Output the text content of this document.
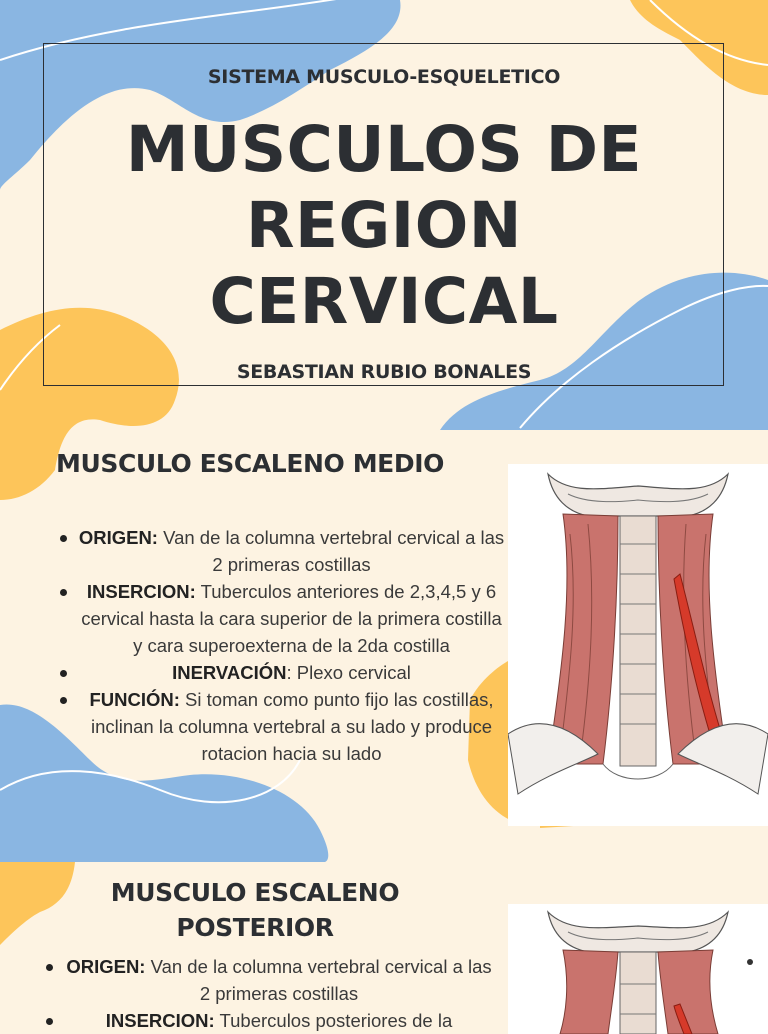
SISTEMA MUSCULO-ESQUELETICO
MUSCULOS DE
REGION
CERVICAL
SEBASTIAN RUBIO BONALES
MUSCULO ESCALENO MEDIO
ORIGEN: Van de la columna vertebral cervical a las 2 primeras costillas
INSERCION: Tuberculos anteriores de 2,3,4,5 y 6 cervical hasta la cara superior de la primera costilla y cara superoexterna de la 2da costilla
INERVACIÓN: Plexo cervical
FUNCIÓN: Si toman como punto fijo las costillas, inclinan la columna vertebral a su lado y produce rotacion hacia su lado
MUSCULO ESCALENO POSTERIOR
ORIGEN: Van de la columna vertebral cervical a las 2 primeras costillas
INSERCION: Tuberculos posteriores de la
